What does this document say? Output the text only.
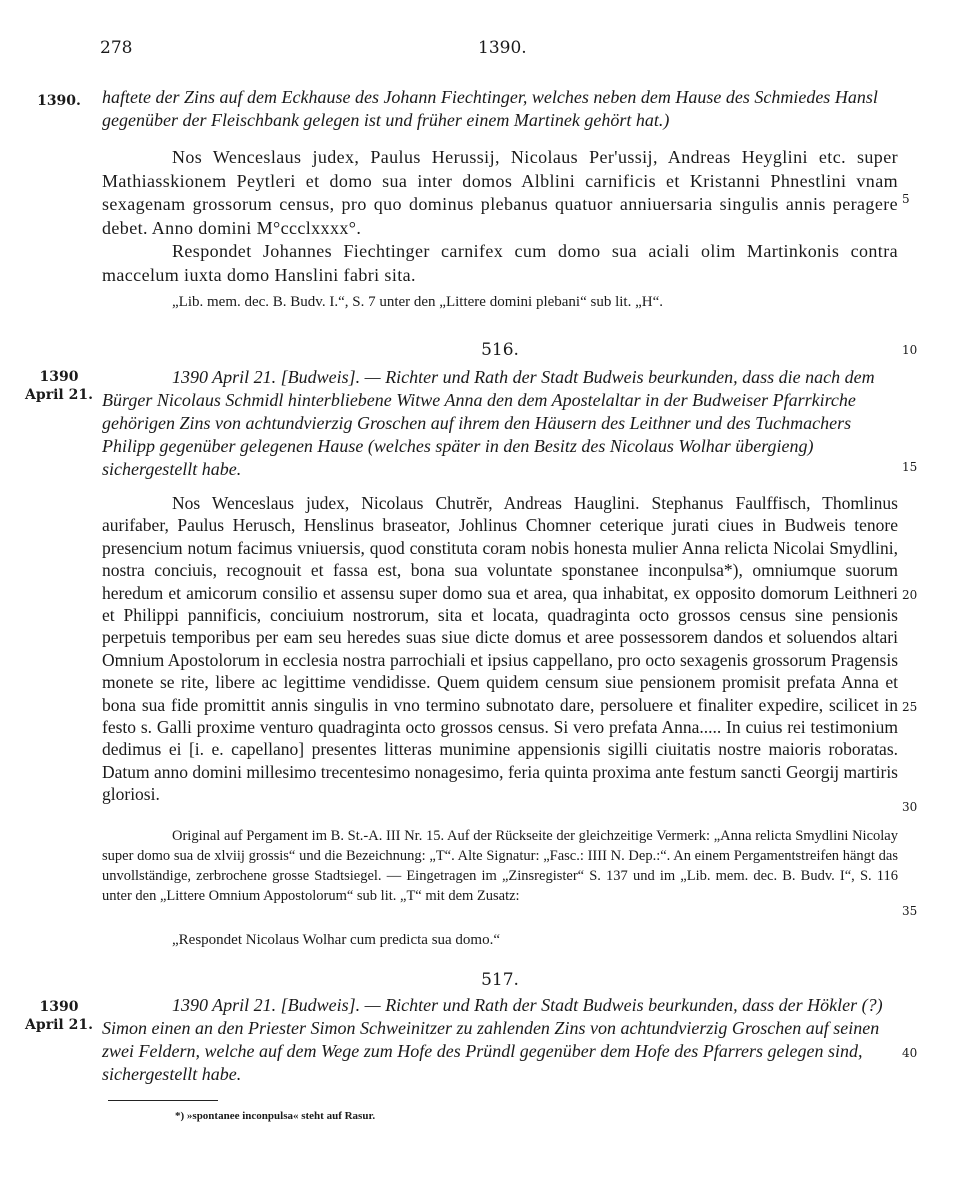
278	1390.
1390.	haftete der Zins auf dem Eckhause des Johann Fiechtinger, welches neben dem Hause des Schmiedes Hansl gegenüber der Fleischbank gelegen ist und früher einem Martinek gehört hat.)
Nos Wenceslaus judex, Paulus Herussij, Nicolaus Per'ussij, Andreas Heyglini etc. super Mathiasskionem Peytleri et domo sua inter domos Alblini carnificis et Kristanni Phnestlini vnam sexagenam grossorum census, pro quo dominus plebanus quatuor anniuersaria singulis annis peragere debet. Anno domini M°ccclxxxx°.
Respondet Johannes Fiechtinger carnifex cum domo sua aciali olim Martinkonis contra maccelum iuxta domo Hanslini fabri sita.
„Lib. mem. dec. B. Budv. I.“, S. 7 unter den „Littere domini plebani“ sub lit. „H“.
516.
1390
April 21.
1390 April 21. [Budweis]. — Richter und Rath der Stadt Budweis beurkunden, dass die nach dem Bürger Nicolaus Schmidl hinterbliebene Witwe Anna den dem Apostelaltar in der Budweiser Pfarrkirche gehörigen Zins von achtundvierzig Groschen auf ihrem den Häusern des Leithner und des Tuchmachers Philipp gegenüber gelegenen Hause (welches später in den Besitz des Nicolaus Wolhar übergieng) sichergestellt habe.
Nos Wenceslaus judex, Nicolaus Chutrĕr, Andreas Hauglini. Stephanus Faulffisch, Thomlinus aurifaber, Paulus Herusch, Henslinus braseator, Johlinus Chomner ceterique jurati ciues in Budweis tenore presencium notum facimus vniuersis, quod constituta coram nobis honesta mulier Anna relicta Nicolai Smydlini, nostra conciuis, recognouit et fassa est, bona sua voluntate sponstanee inconpulsa*), omniumque suorum heredum et amicorum consilio et assensu super domo sua et area, qua inhabitat, ex opposito domorum Leithneri et Philippi pannificis, conciuium nostrorum, sita et locata, quadraginta octo grossos census sine pensionis perpetuis temporibus per eam seu heredes suas siue dicte domus et aree possessorem dandos et soluendos altari Omnium Apostolorum in ecclesia nostra parrochiali et ipsius cappellano, pro octo sexagenis grossorum Pragensis monete se rite, libere ac legittime vendidisse. Quem quidem censum siue pensionem promisit prefata Anna et bona sua fide promittit annis singulis in vno termino subnotato dare, persoluere et finaliter expedire, scilicet in festo s. Galli proxime venturo quadraginta octo grossos census. Si vero prefata Anna..... In cuius rei testimonium dedimus ei [i. e. capellano] presentes litteras munimine appensionis sigilli ciuitatis nostre maioris roboratas. Datum anno domini millesimo trecentesimo nonagesimo, feria quinta proxima ante festum sancti Georgij martiris gloriosi.
Original auf Pergament im B. St.-A. III Nr. 15. Auf der Rückseite der gleichzeitige Vermerk: „Anna relicta Smydlini Nicolay super domo sua de xlviij grossis“ und die Bezeichnung: „T“. Alte Signatur: „Fasc.: IIII N. Dep.:“. An einem Pergamentstreifen hängt das unvollständige, zerbrochene grosse Stadtsiegel. — Eingetragen im „Zinsregister“ S. 137 und im „Lib. mem. dec. B. Budv. I“, S. 116 unter den „Littere Omnium Appostolorum“ sub lit. „T“ mit dem Zusatz:
„Respondet Nicolaus Wolhar cum predicta sua domo.“
517.
1390
April 21.
1390 April 21. [Budweis]. — Richter und Rath der Stadt Budweis beurkunden, dass der Hökler (?) Simon einen an den Priester Simon Schweinitzer zu zahlenden Zins von achtundvierzig Groschen auf seinen zwei Feldern, welche auf dem Wege zum Hofe des Pründl gegenüber dem Hofe des Pfarrers gelegen sind, sichergestellt habe.
5
10
15
20
25
30
35
40
*) »spontanee inconpulsa« steht auf Rasur.
